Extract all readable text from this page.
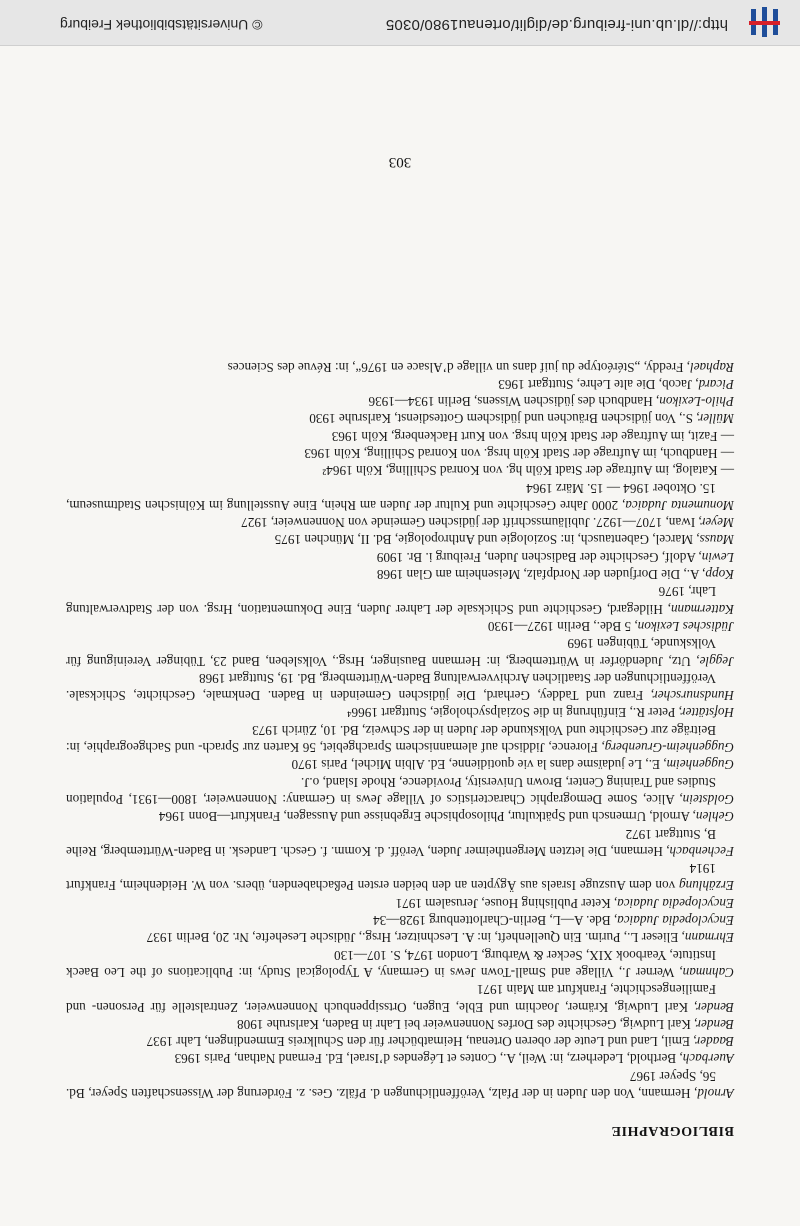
BIBLIOGRAPHIE

Arnold, Hermann, Von den Juden in der Pfalz, Veröffentlichungen d. Pfälz. Ges. z. Förderung der Wissenschaften Speyer, Bd. 56, Speyer 1967

Auerbach, Berthold, Lederherz, in: Weil, A., Contes et Légendes d’Israel, Ed. Fernand Nathan, Paris 1963

Baader, Emil, Land und Leute der oberen Ortenau, Heimatbücher für den Schulkreis Emmendingen, Lahr 1937

Bender, Karl Ludwig, Geschichte des Dorfes Nonnenweier bei Lahr in Baden, Karlsruhe 1908

Bender, Karl Ludwig, Krämer, Joachim und Eble, Eugen, Ortssippenbuch Nonnenweier, Zentralstelle für Personen- und Familiengeschichte, Frankfurt am Main 1971

Cahnman, Werner J., Village and Small-Town Jews in Germany, A Typological Study, in: Publications of the Leo Baeck Institute, Yearbook XIX, Secker & Warburg, London 1974, S. 107—130

Ehrmann, Elieser L., Purim. Ein Quellenheft, in: A. Leschnitzer, Hrsg., Jüdische Lesehefte, Nr. 20, Berlin 1937

Encyclopedia Judaica, Bde. A—L, Berlin-Charlottenburg 1928—34

Encyclopedia Judaica, Keter Publishing House, Jerusalem 1971

Erzählung von dem Auszuge Israels aus Ägypten an den beiden ersten Peßachabenden, übers. von W. Heidenheim, Frankfurt 1914

Fechenbach, Hermann, Die letzten Mergentheimer Juden, Veröff. d. Komm. f. Gesch. Landesk. in Baden-Württemberg, Reihe B, Stuttgart 1972

Gehlen, Arnold, Urmensch und Spätkultur, Philosophische Ergebnisse und Aussagen, Frankfurt—Bonn 1964

Goldstein, Alice, Some Demographic Characteristics of Village Jews in Germany: Nonnenweier, 1800—1931, Population Studies and Training Center, Brown University, Providence, Rhode Island, o.J.

Guggenheim, E., Le judaïsme dans la vie quotidienne, Ed. Albin Michel, Paris 1970

Guggenheim-Gruenberg, Florence, Jiddisch auf alemannischem Sprachgebiet, 56 Karten zur Sprach- und Sachgeographie, in: Beiträge zur Geschichte und Volkskunde der Juden in der Schweiz, Bd. 10, Zürich 1973

Hofstätter, Peter R., Einführung in die Sozialpsychologie, Stuttgart 1966⁴

Hundsnurscher, Franz und Taddey, Gerhard, Die jüdischen Gemeinden in Baden. Denkmale, Geschichte, Schicksale. Veröffentlichungen der Staatlichen Archivverwaltung Baden-Württemberg, Bd. 19, Stuttgart 1968

Jeggle, Utz, Judendörfer in Württemberg, in: Hermann Bausinger, Hrsg., Volksleben, Band 23, Tübinger Vereinigung für Volkskunde, Tübingen 1969

Jüdisches Lexikon, 5 Bde., Berlin 1927—1930

Kattermann, Hildegard, Geschichte und Schicksale der Lahrer Juden, Eine Dokumentation, Hrsg. von der Stadtverwaltung Lahr, 1976

Kopp, A., Die Dorfjuden der Nordpfalz, Meisenheim am Glan 1968

Lewin, Adolf, Geschichte der Badischen Juden, Freiburg i. Br. 1909

Mauss, Marcel, Gabentausch, in: Soziologie und Anthropologie, Bd. II, München 1975

Meyer, Iwan, 1707—1927. Jubiläumsschrift der jüdischen Gemeinde von Nonnenweier, 1927

Monumenta Judaica, 2000 Jahre Geschichte und Kultur der Juden am Rhein, Eine Ausstellung im Kölnischen Stadtmuseum, 15. Oktober 1964 — 15. März 1964

— Katalog, im Auftrage der Stadt Köln hg. von Konrad Schilling, Köln 1964²

— Handbuch, im Auftrage der Stadt Köln hrsg. von Konrad Schilling, Köln 1963

— Fazit, im Auftrage der Stadt Köln hrsg. von Kurt Hackenberg, Köln 1963

Müller, S., Von jüdischen Bräuchen und jüdischem Gottesdienst, Karlsruhe 1930

Philo-Lexikon, Handbuch des jüdischen Wissens, Berlin 1934—1936

Picard, Jacob, Die alte Lehre, Stuttgart 1963

Raphael, Freddy, „Stéréotype du juif dans un village d’Alsace en 1976“, in: Révue des Sciences

303
http://dl.ub.uni-freiburg.de/diglit/ortenau1980/0305
© Universitätsbibliothek Freiburg
